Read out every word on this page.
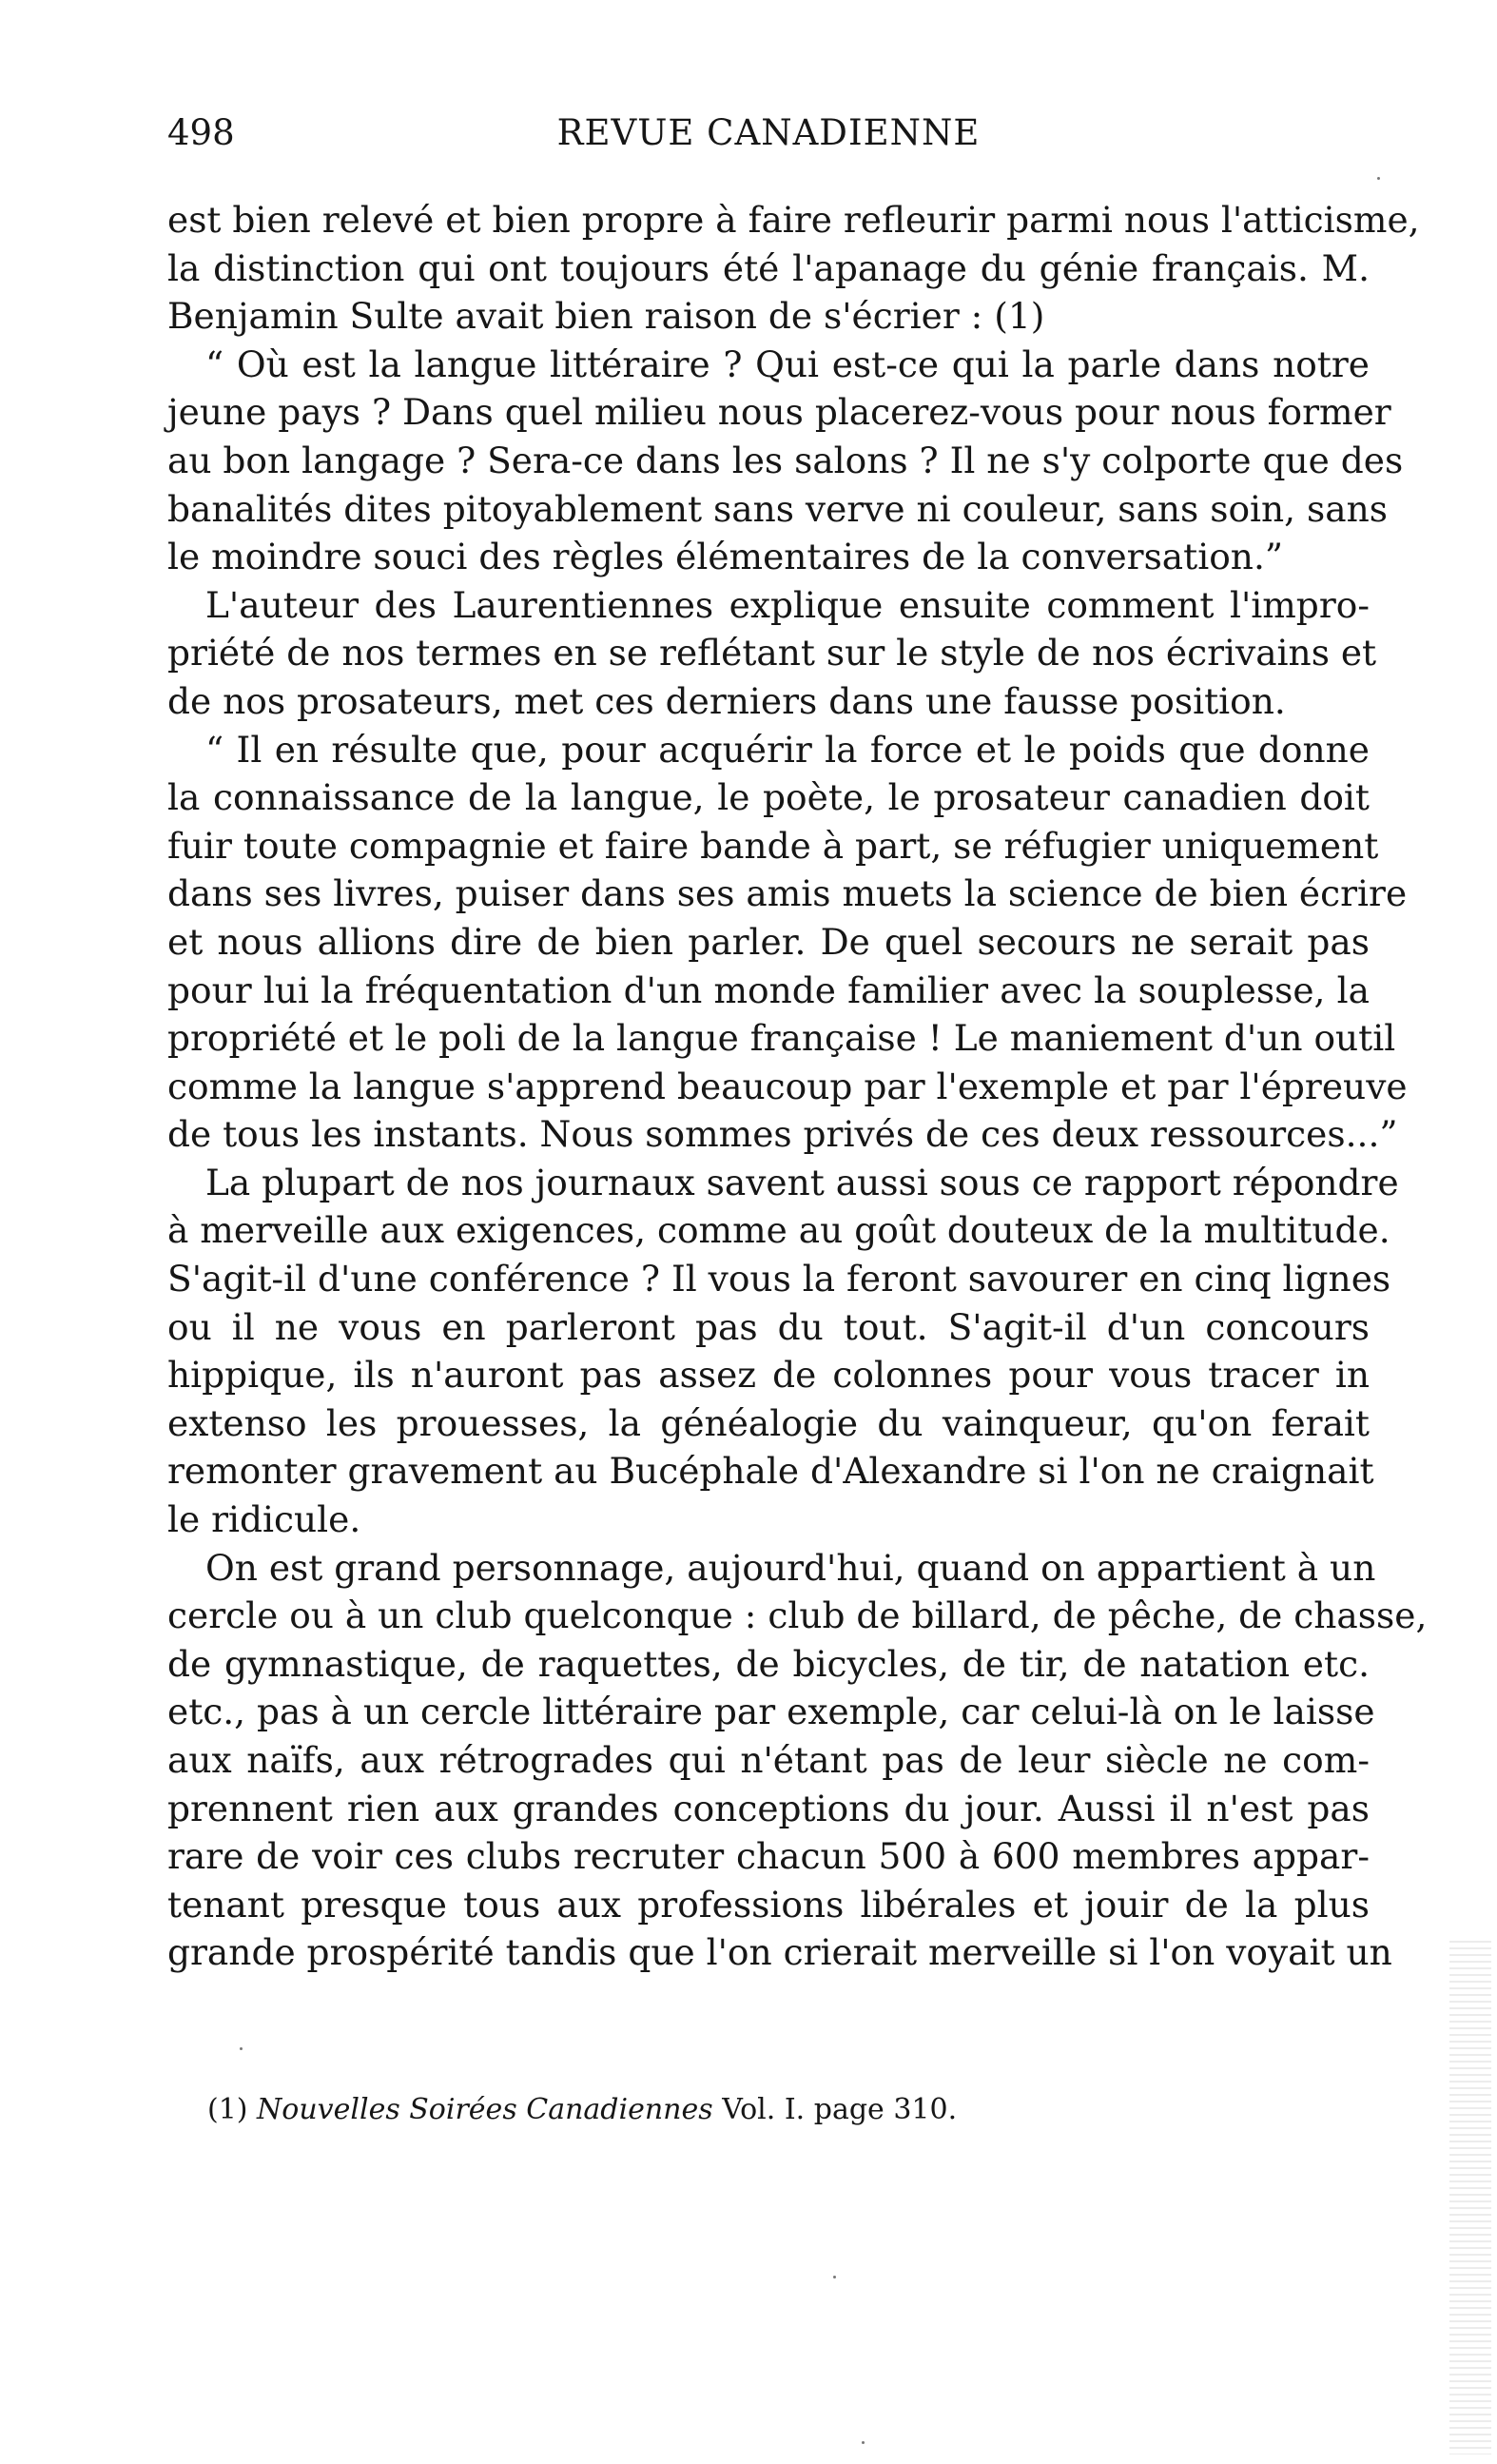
498	REVUE CANADIENNE
est bien relevé et bien propre à faire refleurir parmi nous l'atticisme,
la distinction qui ont toujours été l'apanage du génie français. M.
Benjamin Sulte avait bien raison de s'écrier : (1)
“ Où est la langue littéraire ? Qui est-ce qui la parle dans notre
jeune pays ? Dans quel milieu nous placerez-vous pour nous former
au bon langage ? Sera-ce dans les salons ? Il ne s'y colporte que des
banalités dites pitoyablement sans verve ni couleur, sans soin, sans
le moindre souci des règles élémentaires de la conversation.”
L'auteur des Laurentiennes explique ensuite comment l'impro-
priété de nos termes en se reflétant sur le style de nos écrivains et
de nos prosateurs, met ces derniers dans une fausse position.
“ Il en résulte que, pour acquérir la force et le poids que donne
la connaissance de la langue, le poète, le prosateur canadien doit
fuir toute compagnie et faire bande à part, se réfugier uniquement
dans ses livres, puiser dans ses amis muets la science de bien écrire
et nous allions dire de bien parler. De quel secours ne serait pas
pour lui la fréquentation d'un monde familier avec la souplesse, la
propriété et le poli de la langue française ! Le maniement d'un outil
comme la langue s'apprend beaucoup par l'exemple et par l'épreuve
de tous les instants. Nous sommes privés de ces deux ressources...”
La plupart de nos journaux savent aussi sous ce rapport répondre
à merveille aux exigences, comme au goût douteux de la multitude.
S'agit-il d'une conférence ? Il vous la feront savourer en cinq lignes
ou il ne vous en parleront pas du tout. S'agit-il d'un concours
hippique, ils n'auront pas assez de colonnes pour vous tracer in
extenso les prouesses, la généalogie du vainqueur, qu'on ferait
remonter gravement au Bucéphale d'Alexandre si l'on ne craignait
le ridicule.
On est grand personnage, aujourd'hui, quand on appartient à un
cercle ou à un club quelconque : club de billard, de pêche, de chasse,
de gymnastique, de raquettes, de bicycles, de tir, de natation etc.
etc., pas à un cercle littéraire par exemple, car celui-là on le laisse
aux naïfs, aux rétrogrades qui n'étant pas de leur siècle ne com-
prennent rien aux grandes conceptions du jour. Aussi il n'est pas
rare de voir ces clubs recruter chacun 500 à 600 membres appar-
tenant presque tous aux professions libérales et jouir de la plus
grande prospérité tandis que l'on crierait merveille si l'on voyait un
(1) Nouvelles Soirées Canadiennes Vol. I. page 310.
